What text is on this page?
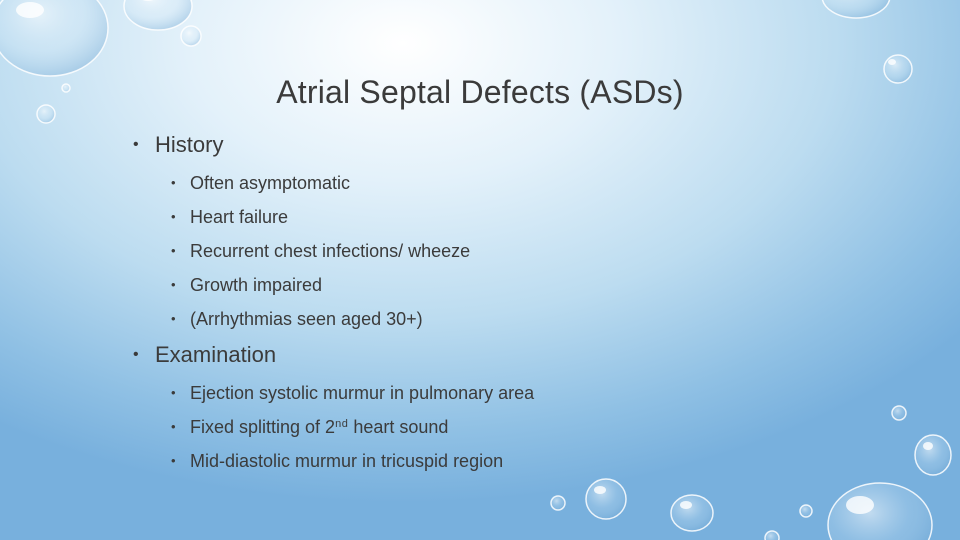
Atrial Septal Defects (ASDs)
• History
• Often asymptomatic
• Heart failure
• Recurrent chest infections/ wheeze
• Growth impaired
• (Arrhythmias seen aged 30+)
• Examination
• Ejection systolic murmur in pulmonary area
• Fixed splitting of 2nd heart sound
• Mid-diastolic murmur in tricuspid region
